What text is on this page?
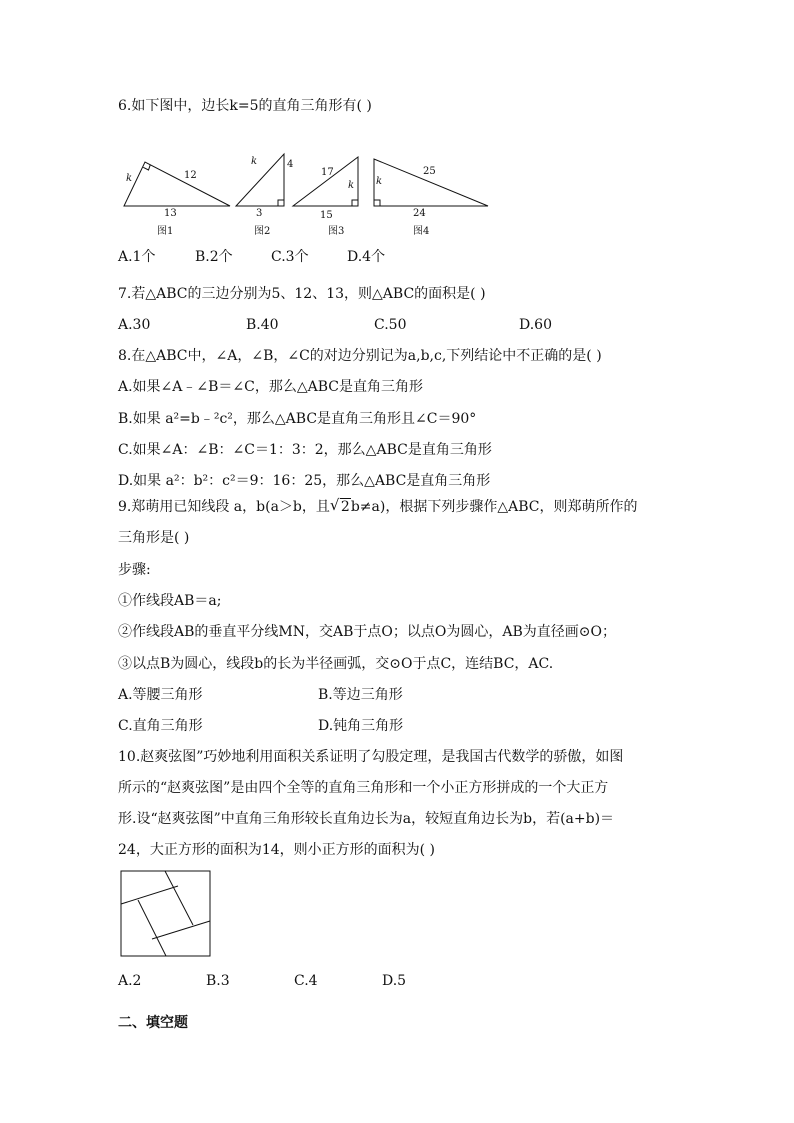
6.如下图中，边长k=5的直角三角形有( )
k	12
k	4
17
k k
25
13	3	15	24
图1	图2	图3	图4
A.1个	B.2个	C.3个	D.4个
7.若△ABC的三边分别为5、12、13，则△ABC的面积是( )
A.30	B.40	C.50	D.60
8.在△ABC中，∠A，∠B，∠C的对边分别记为a,b,c,下列结论中不正确的是( )
A.如果∠A﹣∠B＝∠C，那么△ABC是直角三角形
B.如果 a²=b﹣²c²，那么△ABC是直角三角形且∠C＝90°
C.如果∠A：∠B：∠C＝1：3：2，那么△ABC是直角三角形
D.如果 a²：b²：c²＝9：16：25，那么△ABC是直角三角形
9.郑萌用已知线段 a，b(a＞b，且 √ 2b≠a)，根据下列步骤作△ABC，则郑萌所作的
三角形是( )
步骤:
①作线段AB＝a;
②作线段AB的垂直平分线MN，交AB于点O；以点O为圆心，AB为直径画⊙O；
③以点B为圆心，线段b的长为半径画弧，交⊙O于点C，连结BC，AC.
A.等腰三角形	B.等边三角形
C.直角三角形	D.钝角三角形
10.赵爽弦图”巧妙地利用面积关系证明了勾股定理，是我国古代数学的骄傲，如图
所示的“赵爽弦图”是由四个全等的直角三角形和一个小正方形拼成的一个大正方
形.设“赵爽弦图”中直角三角形较长直角边长为a，较短直角边长为b，若(a+b)＝
24，大正方形的面积为14，则小正方形的面积为( )
A.2	B.3	C.4	D.5
二、填空题
